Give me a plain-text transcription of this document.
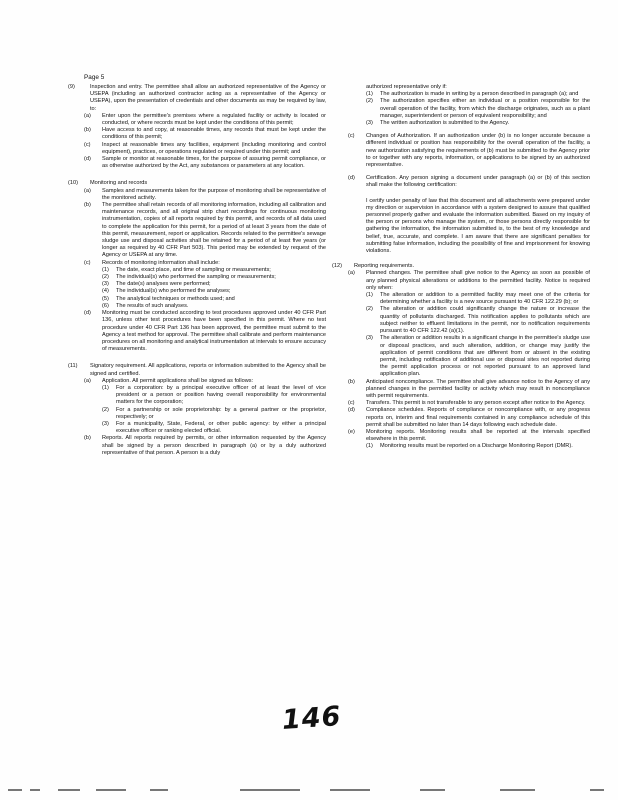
Page 5
(9)	Inspection and entry. The permittee shall allow an authorized representative of the Agency or USEPA (including an authorized contractor acting as a representative of the Agency or USEPA), upon the presentation of credentials and other documents as may be required by law, to:
(a) Enter upon the permittee's premises where a regulated facility or activity is located or conducted, or where records must be kept under the conditions of this permit;
(b) Have access to and copy, at reasonable times, any records that must be kept under the conditions of this permit;
(c) Inspect at reasonable times any facilities, equipment (including monitoring and control equipment), practices, or operations regulated or required under this permit; and
(d) Sample or monitor at reasonable times, for the purpose of assuring permit compliance, or as otherwise authorized by the Act, any substances or parameters at any location.
(10) Monitoring and records
(a) Samples and measurements taken for the purpose of monitoring shall be representative of the monitored activity.
(b) The permittee shall retain records of all monitoring information, including all calibration and maintenance records, and all original strip chart recordings for continuous monitoring instrumentation, copies of all reports required by this permit, and records of all data used to complete the application for this permit, for a period of at least 3 years from the date of this permit, measurement, report or application. Records related to the permittee's sewage sludge use and disposal activities shall be retained for a period of at least five years (or longer as required by 40 CFR Part 503). This period may be extended by request of the Agency or USEPA at any time.
(c) Records of monitoring information shall include:
(1) The date, exact place, and time of sampling or measurements;
(2) The individual(s) who performed the sampling or measurements;
(3) The date(s) analyses were performed;
(4) The individual(s) who performed the analyses;
(5) The analytical techniques or methods used; and
(6) The results of such analyses.
(d) Monitoring must be conducted according to test procedures approved under 40 CFR Part 136, unless other test procedures have been specified in this permit. Where no test procedure under 40 CFR Part 136 has been approved, the permittee must submit to the Agency a test method for approval. The permittee shall calibrate and perform maintenance procedures on all monitoring and analytical instrumentation at intervals to ensure accuracy of measurements.
(11) Signatory requirement. All applications, reports or information submitted to the Agency shall be signed and certified.
(a) Application. All permit applications shall be signed as follows:
(1) For a corporation: by a principal executive officer of at least the level of vice president or a person or position having overall responsibility for environmental matters for the corporation;
(2) For a partnership or sole proprietorship: by a general partner or the proprietor, respectively; or
(3) For a municipality, State, Federal, or other public agency: by either a principal executive officer or ranking elected official.
(b) Reports. All reports required by permits, or other information requested by the Agency shall be signed by a person described in paragraph (a) or by a duly authorized representative of that person. A person is a duly
authorized representative only if:
(1) The authorization is made in writing by a person described in paragraph (a); and
(2) The authorization specifies either an individual or a position responsible for the overall operation of the facility, from which the discharge originates, such as a plant manager, superintendent or person of equivalent responsibility; and
(3) The written authorization is submitted to the Agency.
(c) Changes of Authorization. If an authorization under (b) is no longer accurate because a different individual or position has responsibility for the overall operation of the facility, a new authorization satisfying the requirements of (b) must be submitted to the Agency prior to or together with any reports, information, or applications to be signed by an authorized representative.
(d) Certification. Any person signing a document under paragraph (a) or (b) of this section shall make the following certification:
I certify under penalty of law that this document and all attachments were prepared under my direction or supervision in accordance with a system designed to assure that qualified personnel properly gather and evaluate the information submitted. Based on my inquiry of the person or persons who manage the system, or those persons directly responsible for gathering the information, the information submitted is, to the best of my knowledge and belief, true, accurate, and complete. I am aware that there are significant penalties for submitting false information, including the possibility of fine and imprisonment for knowing violations.
(12) Reporting requirements.
(a) Planned changes. The permittee shall give notice to the Agency as soon as possible of any planned physical alterations or additions to the permitted facility. Notice is required only when:
(1) The alteration or addition to a permitted facility may meet one of the criteria for determining whether a facility is a new source pursuant to 40 CFR 122.29 (b); or
(2) The alteration or addition could significantly change the nature or increase the quantity of pollutants discharged. This notification applies to pollutants which are subject neither to effluent limitations in the permit, nor to notification requirements pursuant to 40 CFR 122.42 (a)(1).
(3) The alteration or addition results in a significant change in the permittee's sludge use or disposal practices, and such alteration, addition, or change may justify the application of permit conditions that are different from or absent in the existing permit, including notification of additional use or disposal sites not reported during the permit application process or not reported pursuant to an approved land application plan.
(b) Anticipated noncompliance. The permittee shall give advance notice to the Agency of any planned changes in the permitted facility or activity which may result in noncompliance with permit requirements.
(c) Transfers. This permit is not transferable to any person except after notice to the Agency.
(d) Compliance schedules. Reports of compliance or noncompliance with, or any progress reports on, interim and final requirements contained in any compliance schedule of this permit shall be submitted no later than 14 days following each schedule date.
(e) Monitoring reports. Monitoring results shall be reported at the intervals specified elsewhere in this permit.
(1) Monitoring results must be reported on a Discharge Monitoring Report (DMR).
146
